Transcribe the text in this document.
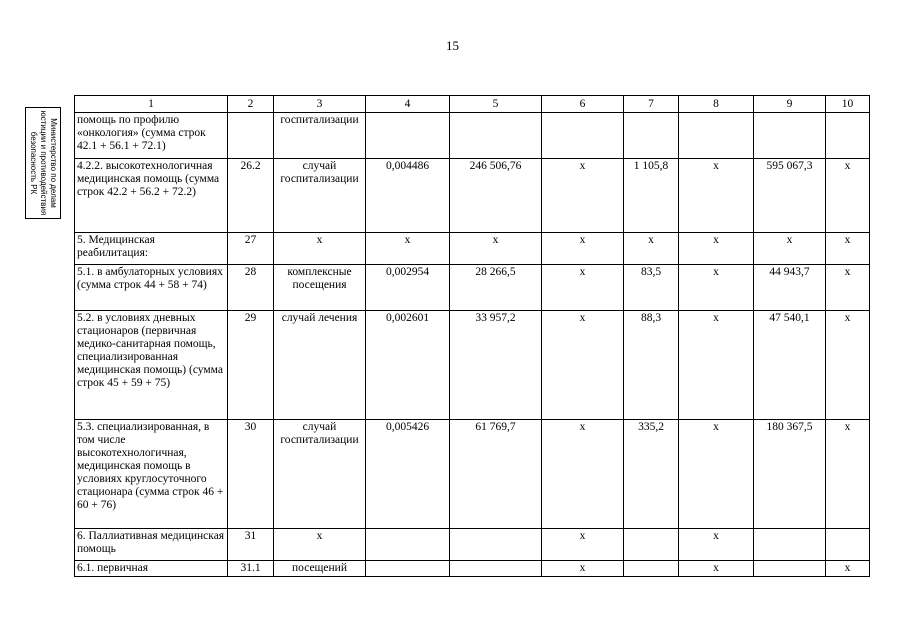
15
Министерство по делам юстиции и противодействия безопасность РК
1	2	3	4	5	6	7	8	9	10
помощь по профилю «онкология» (сумма строк 42.1 + 56.1 + 72.1)		госпитализации							
4.2.2. высокотехнологичная медицинская помощь (сумма строк 42.2 + 56.2 + 72.2)	26.2	случай госпитализации	0,004486	246 506,76	х	1 105,8	х	595 067,3	х
5. Медицинская реабилитация:	27	х	х	х	х	х	х	х	х
5.1. в амбулаторных условиях (сумма строк 44 + 58 + 74)	28	комплексные посещения	0,002954	28 266,5	х	83,5	х	44 943,7	х
5.2. в условиях дневных стационаров (первичная медико-санитарная помощь, специализированная медицинская помощь) (сумма строк 45 + 59 + 75)	29	случай лечения	0,002601	33 957,2	х	88,3	х	47 540,1	х
5.3. специализированная, в том числе высокотехнологичная, медицинская помощь в условиях круглосуточного стационара (сумма строк 46 + 60 + 76)	30	случай госпитализации	0,005426	61 769,7	х	335,2	х	180 367,5	х
6. Паллиативная медицинская помощь	31	х			х		х		
6.1. первичная	31.1	посещений			х		х		х
